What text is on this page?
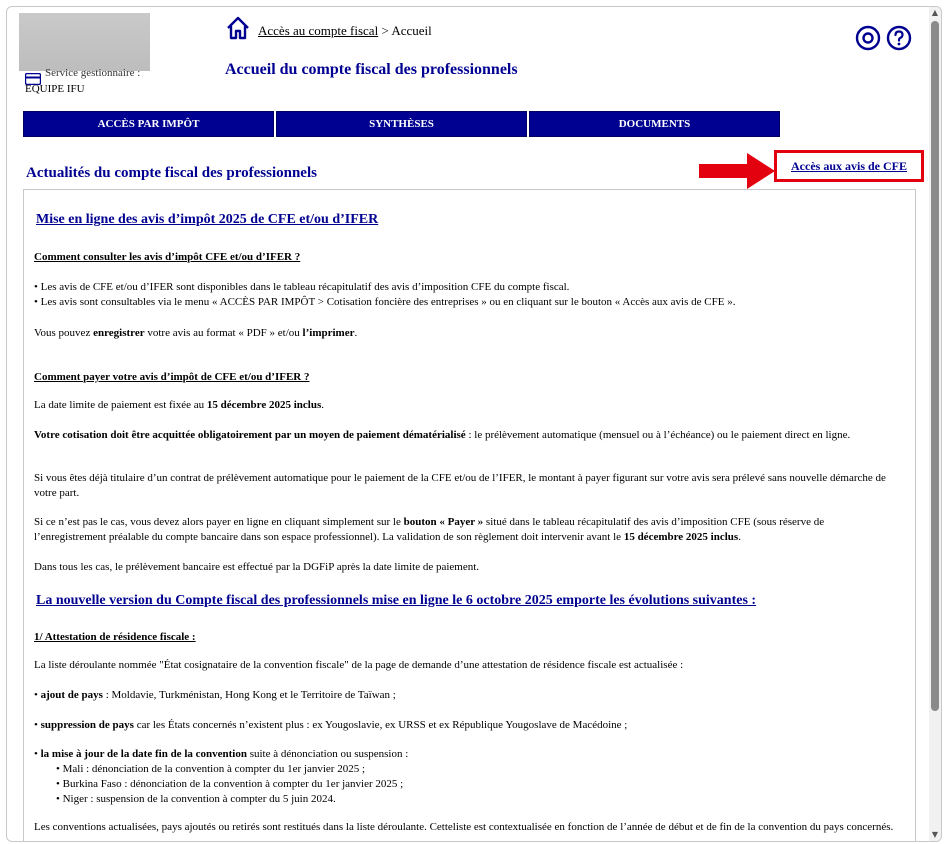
Service gestionnaire :
EQUIPE IFU
Accès au compte fiscal > Accueil
Accueil du compte fiscal des professionnels
ACCÈS PAR IMPÔT	SYNTHÈSES	DOCUMENTS
Actualités du compte fiscal des professionnels	Accès aux avis de CFE
Mise en ligne des avis d’impôt 2025 de CFE et/ou d’IFER
Comment consulter les avis d’impôt CFE et/ou d’IFER ?
• Les avis de CFE et/ou d’IFER sont disponibles dans le tableau récapitulatif des avis d’imposition CFE du compte fiscal.
• Les avis sont consultables via le menu « ACCÈS PAR IMPÔT > Cotisation foncière des entreprises » ou en cliquant sur le bouton « Accès aux avis de CFE ».
Vous pouvez enregistrer votre avis au format « PDF » et/ou l’imprimer.
Comment payer votre avis d’impôt de CFE et/ou d’IFER ?
La date limite de paiement est fixée au 15 décembre 2025 inclus.
Votre cotisation doit être acquittée obligatoirement par un moyen de paiement dématérialisé : le prélèvement automatique (mensuel ou à l’échéance) ou le paiement direct en ligne.
Si vous êtes déjà titulaire d’un contrat de prélèvement automatique pour le paiement de la CFE et/ou de l’IFER, le montant à payer figurant sur votre avis sera prélevé sans nouvelle démarche de votre part.
Si ce n’est pas le cas, vous devez alors payer en ligne en cliquant simplement sur le bouton « Payer » situé dans le tableau récapitulatif des avis d’imposition CFE (sous réserve de l’enregistrement préalable du compte bancaire dans son espace professionnel). La validation de son règlement doit intervenir avant le 15 décembre 2025 inclus.
Dans tous les cas, le prélèvement bancaire est effectué par la DGFiP après la date limite de paiement.
La nouvelle version du Compte fiscal des professionnels mise en ligne le 6 octobre 2025 emporte les évolutions suivantes :
1/ Attestation de résidence fiscale :
La liste déroulante nommée "État cosignataire de la convention fiscale" de la page de demande d’une attestation de résidence fiscale est actualisée :
• ajout de pays : Moldavie, Turkménistan, Hong Kong et le Territoire de Taïwan ;
• suppression de pays car les États concernés n’existent plus : ex Yougoslavie, ex URSS et ex République Yougoslave de Macédoine ;
• la mise à jour de la date fin de la convention suite à dénonciation ou suspension :
• Mali : dénonciation de la convention à compter du 1er janvier 2025 ;
• Burkina Faso : dénonciation de la convention à compter du 1er janvier 2025 ;
• Niger : suspension de la convention à compter du 5 juin 2024.
Les conventions actualisées, pays ajoutés ou retirés sont restitués dans la liste déroulante. Cetteliste est contextualisée en fonction de l’année de début et de fin de la convention du pays concernés.
▲
▼
